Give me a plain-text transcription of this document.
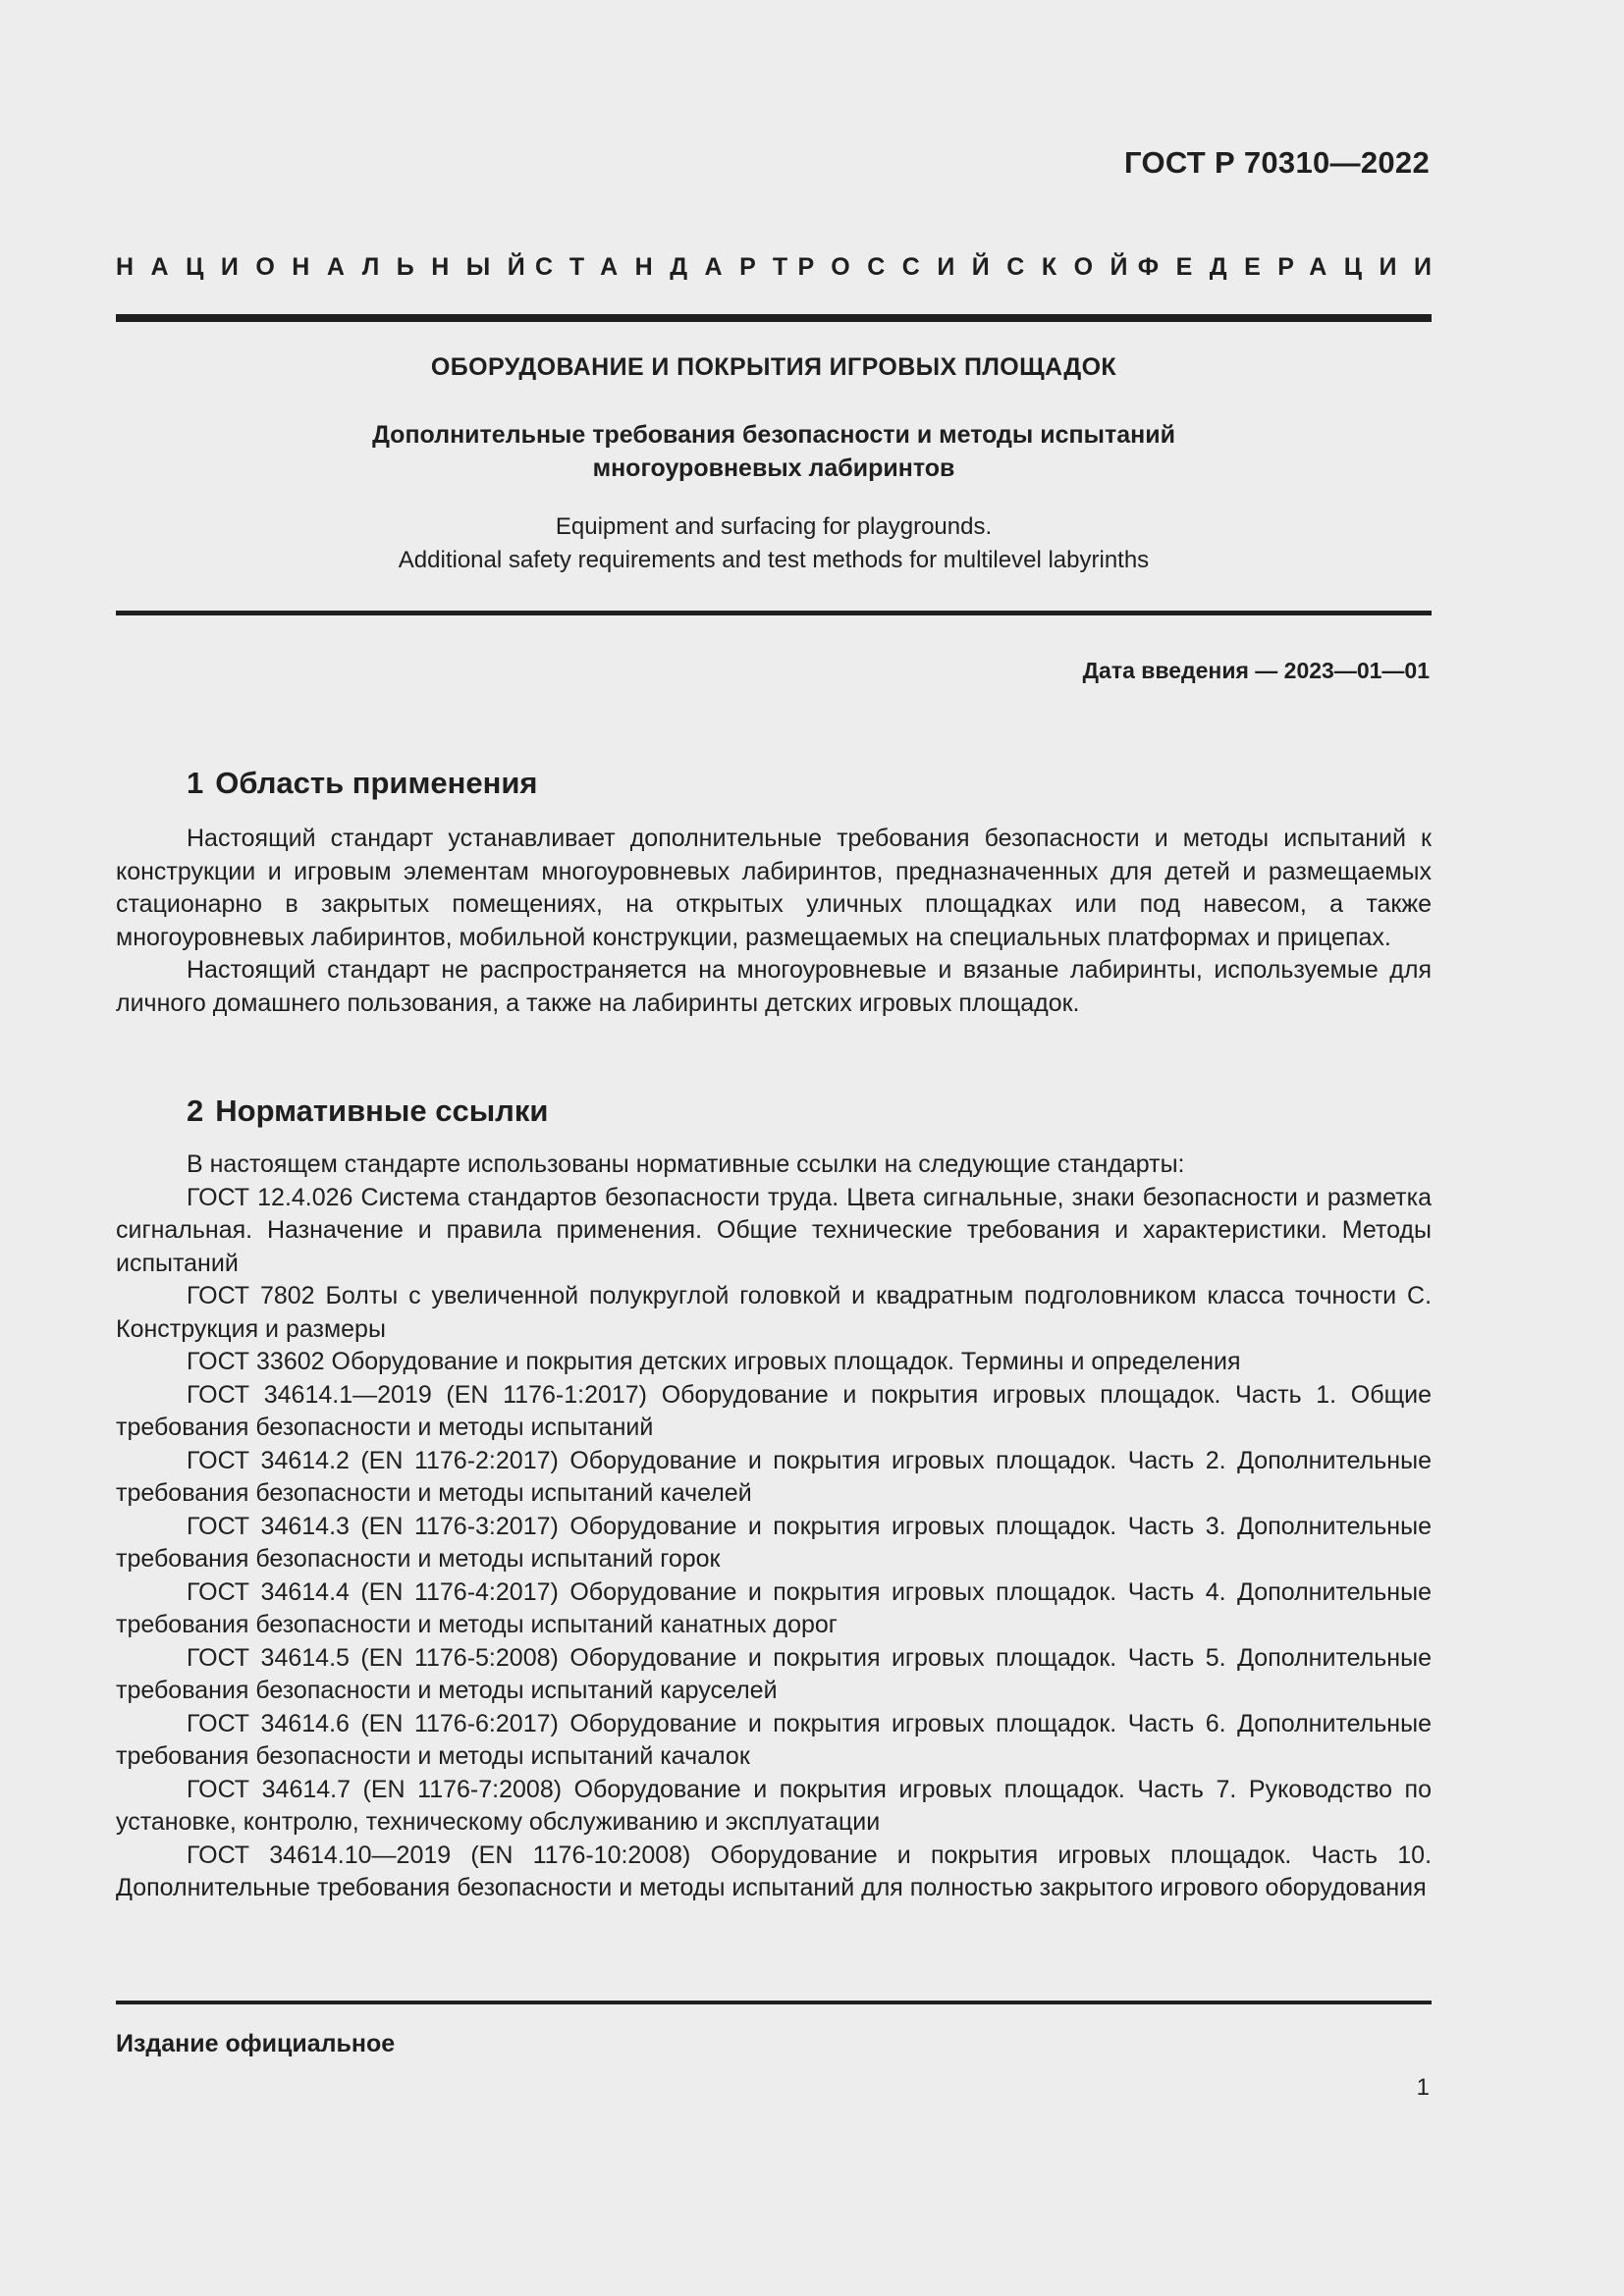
ГОСТ Р 70310—2022
НАЦИОНАЛЬНЫЙ
СТАНДАРТ
РОССИЙСКОЙ
ФЕДЕРАЦИИ
ОБОРУДОВАНИЕ И ПОКРЫТИЯ ИГРОВЫХ ПЛОЩАДОК
Дополнительные требования безопасности и методы испытаний
многоуровневых лабиринтов
Equipment and surfacing for playgrounds.
Additional safety requirements and test methods for multilevel labyrinths
Дата введения — 2023—01—01
1 Область применения

Настоящий стандарт устанавливает дополнительные требования безопасности и методы испытаний к конструкции и игровым элементам многоуровневых лабиринтов, предназначенных для детей и размещаемых стационарно в закрытых помещениях, на открытых уличных площадках или под навесом, а также многоуровневых лабиринтов, мобильной конструкции, размещаемых на специальных платформах и прицепах.

Настоящий стандарт не распространяется на многоуровневые и вязаные лабиринты, используемые для личного домашнего пользования, а также на лабиринты детских игровых площадок.

2 Нормативные ссылки

В настоящем стандарте использованы нормативные ссылки на следующие стандарты:

ГОСТ 12.4.026 Система стандартов безопасности труда. Цвета сигнальные, знаки безопасности и разметка сигнальная. Назначение и правила применения. Общие технические требования и характеристики. Методы испытаний

ГОСТ 7802 Болты с увеличенной полукруглой головкой и квадратным подголовником класса точности С. Конструкция и размеры

ГОСТ 33602 Оборудование и покрытия детских игровых площадок. Термины и определения

ГОСТ 34614.1—2019 (EN 1176-1:2017) Оборудование и покрытия игровых площадок. Часть 1. Общие требования безопасности и методы испытаний

ГОСТ 34614.2 (EN 1176-2:2017) Оборудование и покрытия игровых площадок. Часть 2. Дополнительные требования безопасности и методы испытаний качелей

ГОСТ 34614.3 (EN 1176-3:2017) Оборудование и покрытия игровых площадок. Часть 3. Дополнительные требования безопасности и методы испытаний горок

ГОСТ 34614.4 (EN 1176-4:2017) Оборудование и покрытия игровых площадок. Часть 4. Дополнительные требования безопасности и методы испытаний канатных дорог

ГОСТ 34614.5 (EN 1176-5:2008) Оборудование и покрытия игровых площадок. Часть 5. Дополнительные требования безопасности и методы испытаний каруселей

ГОСТ 34614.6 (EN 1176-6:2017) Оборудование и покрытия игровых площадок. Часть 6. Дополнительные требования безопасности и методы испытаний качалок

ГОСТ 34614.7 (EN 1176-7:2008) Оборудование и покрытия игровых площадок. Часть 7. Руководство по установке, контролю, техническому обслуживанию и эксплуатации

ГОСТ 34614.10—2019 (EN 1176-10:2008) Оборудование и покрытия игровых площадок. Часть 10. Дополнительные требования безопасности и методы испытаний для полностью закрытого игрового оборудования

Издание официальное
1
